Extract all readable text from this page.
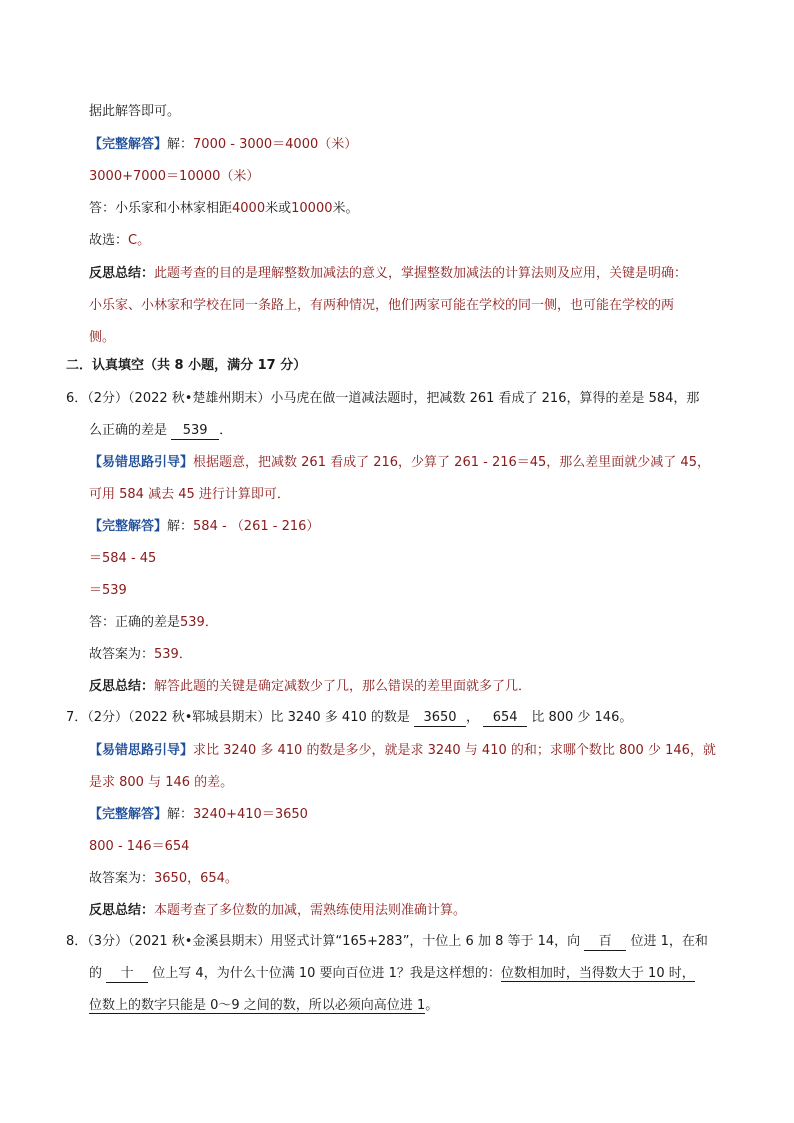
据此解答即可。
【完整解答】解：7000 - 3000＝4000（米）
3000+7000＝10000（米）
答：小乐家和小林家相距4000米或10000米。
故选：C。
反思总结：此题考查的目的是理解整数加减法的意义，掌握整数加减法的计算法则及应用，关键是明确：
小乐家、小林家和学校在同一条路上，有两种情况，他们两家可能在学校的同一侧，也可能在学校的两
侧。
二．认真填空（共 8 小题，满分 17 分）
6．（2分）（2022 秋•楚雄州期末）小马虎在做一道减法题时，把减数 261 看成了 216，算得的差是 584，那
么正确的差是 539 ．
【易错思路引导】根据题意，把减数 261 看成了 216，少算了 261 - 216＝45，那么差里面就少减了 45，
可用 584 减去 45 进行计算即可．
【完整解答】解：584 - （261 - 216）
＝584 - 45
＝539
答：正确的差是539．
故答案为：539．
反思总结：解答此题的关键是确定减数少了几，那么错误的差里面就多了几．
7．（2分）（2022 秋•郓城县期末）比 3240 多 410 的数是 3650 ， 654 比 800 少 146。
【易错思路引导】求比 3240 多 410 的数是多少，就是求 3240 与 410 的和；求哪个数比 800 少 146，就
是求 800 与 146 的差。
【完整解答】解：3240+410＝3650
800 - 146＝654
故答案为：3650，654。
反思总结：本题考查了多位数的加减，需熟练使用法则准确计算。
8．（3分）（2021 秋•金溪县期末）用竖式计算“165+283”，十位上 6 加 8 等于 14，向 百 位进 1，在和
的 十 位上写 4，为什么十位满 10 要向百位进 1？我是这样想的：位数相加时，当得数大于 10 时，
位数上的数字只能是 0～9 之间的数，所以必须向高位进 1。
